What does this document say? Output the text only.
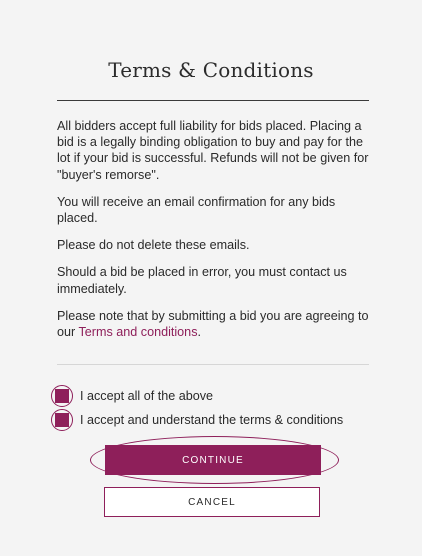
Terms & Conditions

All bidders accept full liability for bids placed. Placing a bid is a legally binding obligation to buy and pay for the lot if your bid is successful. Refunds will not be given for "buyer's remorse".

You will receive an email confirmation for any bids placed.

Please do not delete these emails.

Should a bid be placed in error, you must contact us immediately.

Please note that by submitting a bid you are agreeing to our Terms and conditions.

I accept all of the above
I accept and understand the terms & conditions
CONTINUE
CANCEL
